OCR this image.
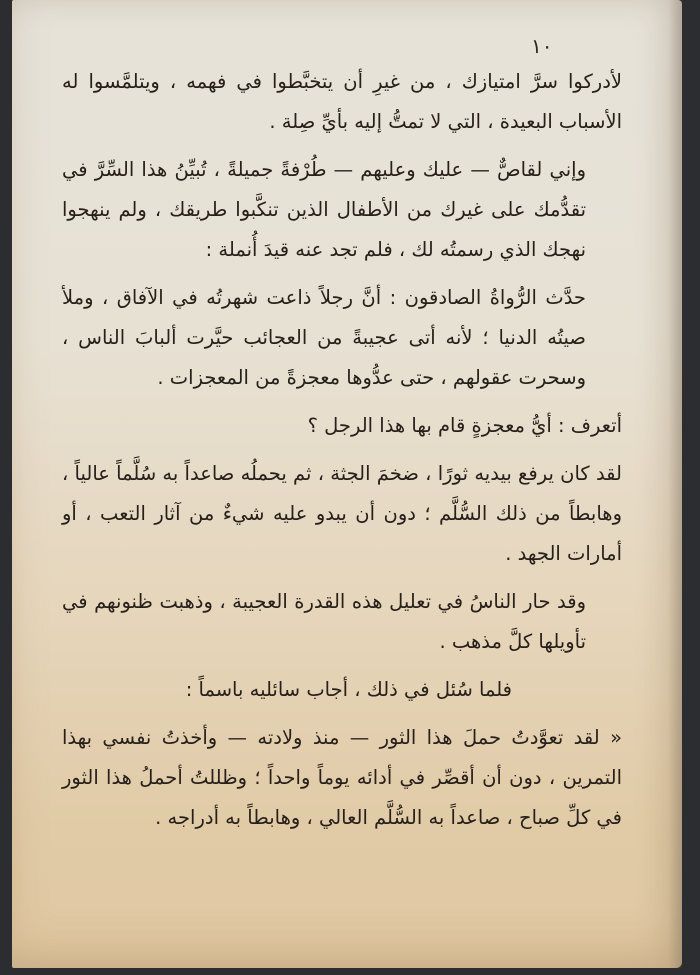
١٠

لأدركوا سرَّ امتيازك ، من غيرِ أن يتخبَّطوا في فهمه ، ويتلمَّسوا له الأسباب البعيدة ، التي لا تمتُّ إليه بأيِّ صِلة .

وإني لقاصٌّ — عليك وعليهم — طُرْفةً جميلةً ، تُبيِّنُ هذا السِّرَّ في تقدُّمك على غيرك من الأطفال الذين تنكَّبوا طريقك ، ولم ينهجوا نهجك الذي رسمتُه لك ، فلم تجد عنه قيدَ أُنملة :

حدَّث الرُّواةُ الصادقون : أنَّ رجلاً ذاعت شهرتُه في الآفاق ، وملأ صيتُه الدنيا ؛ لأنه أتى عجيبةً من العجائب حيَّرت ألبابَ الناس ، وسحرت عقولهم ، حتى عدُّوها معجزةً من المعجزات .

أتعرف : أيُّ معجزةٍ قام بها هذا الرجل ؟

لقد كان يرفع بيديه ثورًا ، ضخمَ الجثة ، ثم يحملُه صاعداً به سُلَّماً عالياً ، وهابطاً من ذلك السُّلَّم ؛ دون أن يبدو عليه شيءٌ من آثار التعب ، أو أمارات الجهد .

وقد حار الناسُ في تعليل هذه القدرة العجيبة ، وذهبت ظنونهم في تأويلها كلَّ مذهب .

فلما سُئل في ذلك ، أجاب سائليه باسماً :

« لقد تعوَّدتُ حملَ هذا الثور — منذ ولادته — وأخذتُ نفسي بهذا التمرين ، دون أن أقصِّر في أدائه يوماً واحداً ؛ وظللتُ أحملُ هذا الثور في كلِّ صباح ، صاعداً به السُّلَّم العالي ، وهابطاً به أدراجه .
